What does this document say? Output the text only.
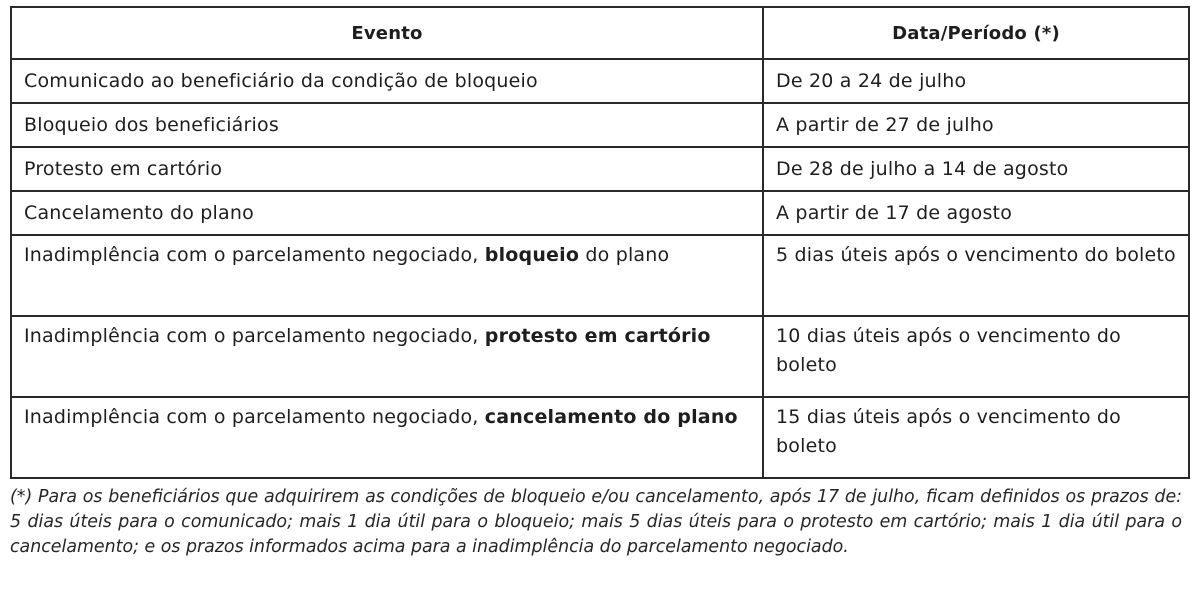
Evento	Data/Período (*)
Comunicado ao beneficiário da condição de bloqueio	De 20 a 24 de julho
Bloqueio dos beneficiários	A partir de 27 de julho
Protesto em cartório	De 28 de julho a 14 de agosto
Cancelamento do plano	A partir de 17 de agosto
Inadimplência com o parcelamento negociado, bloqueio do plano	5 dias úteis após o vencimento do boleto
Inadimplência com o parcelamento negociado, protesto em cartório	10 dias úteis após o vencimento do boleto
Inadimplência com o parcelamento negociado, cancelamento do plano	15 dias úteis após o vencimento do boleto

(*) Para os beneficiários que adquirirem as condições de bloqueio e/ou cancelamento, após 17 de julho, ficam definidos os prazos de: 5 dias úteis para o comunicado; mais 1 dia útil para o bloqueio; mais 5 dias úteis para o protesto em cartório; mais 1 dia útil para o cancelamento; e os prazos informados acima para a inadimplência do parcelamento negociado.
